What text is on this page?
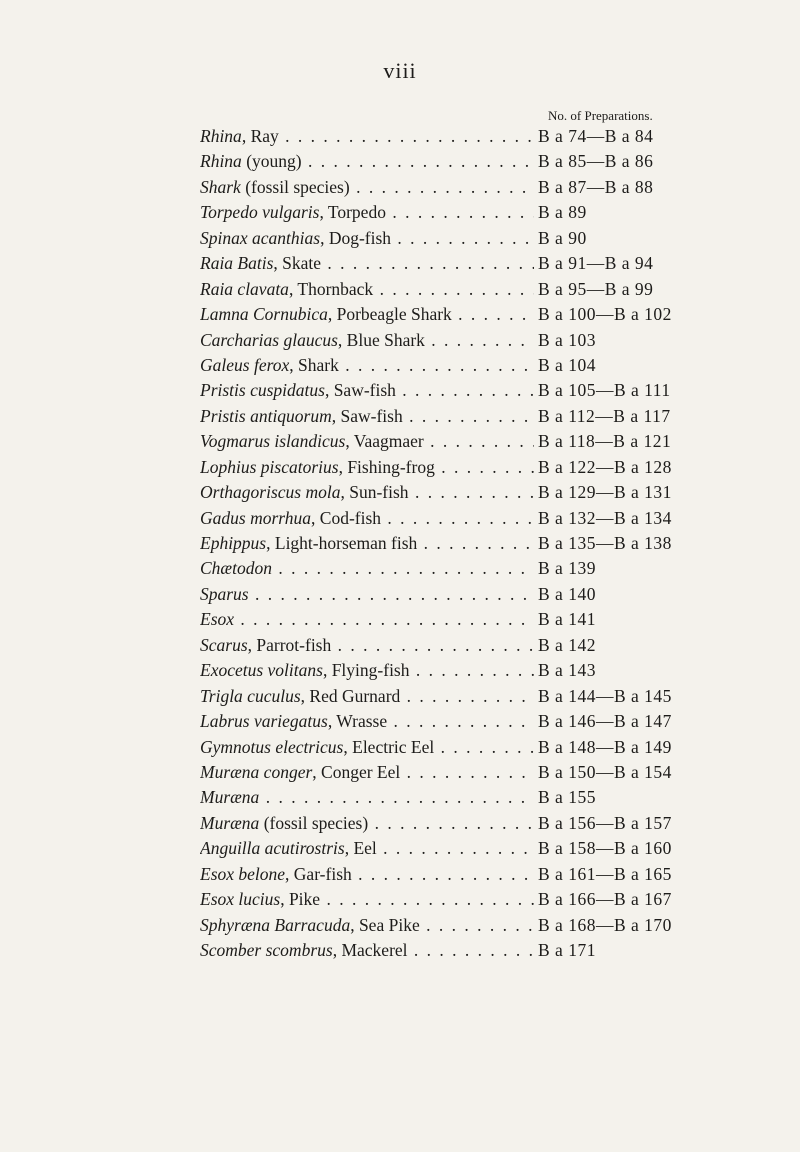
viii
No. of Preparations.
Rhina, Ray . . .	B a 74—B a 84
Rhina (young) . . .	B a 85—B a 86
Shark (fossil species) . . .	B a 87—B a 88
Torpedo vulgaris, Torpedo . . .	B a 89
Spinax acanthias, Dog-fish . . .	B a 90
Raia Batis, Skate . . .	B a 91—B a 94
Raia clavata, Thornback . . .	B a 95—B a 99
Lamna Cornubica, Porbeagle Shark . . .	B a 100—B a 102
Carcharias glaucus, Blue Shark . . .	B a 103
Galeus ferox, Shark . . .	B a 104
Pristis cuspidatus, Saw-fish . . .	B a 105—B a 111
Pristis antiquorum, Saw-fish . . .	B a 112—B a 117
Vogmarus islandicus, Vaagmaer . . .	B a 118—B a 121
Lophius piscatorius, Fishing-frog . . .	B a 122—B a 128
Orthagoriscus mola, Sun-fish . . .	B a 129—B a 131
Gadus morrhua, Cod-fish . . .	B a 132—B a 134
Ephippus, Light-horseman fish . . .	B a 135—B a 138
Chætodon . . .	B a 139
Sparus . . .	B a 140
Esox . . .	B a 141
Scarus, Parrot-fish . . .	B a 142
Exocetus volitans, Flying-fish . . .	B a 143
Trigla cuculus, Red Gurnard . . .	B a 144—B a 145
Labrus variegatus, Wrasse . . .	B a 146—B a 147
Gymnotus electricus, Electric Eel . . .	B a 148—B a 149
Muræna conger, Conger Eel . . .	B a 150—B a 154
Muræna . . .	B a 155
Muræna (fossil species) . . .	B a 156—B a 157
Anguilla acutirostris, Eel . . .	B a 158—B a 160
Esox belone, Gar-fish . . .	B a 161—B a 165
Esox lucius, Pike . . .	B a 166—B a 167
Sphyræna Barracuda, Sea Pike . . .	B a 168—B a 170
Scomber scombrus, Mackerel . . .	B a 171
